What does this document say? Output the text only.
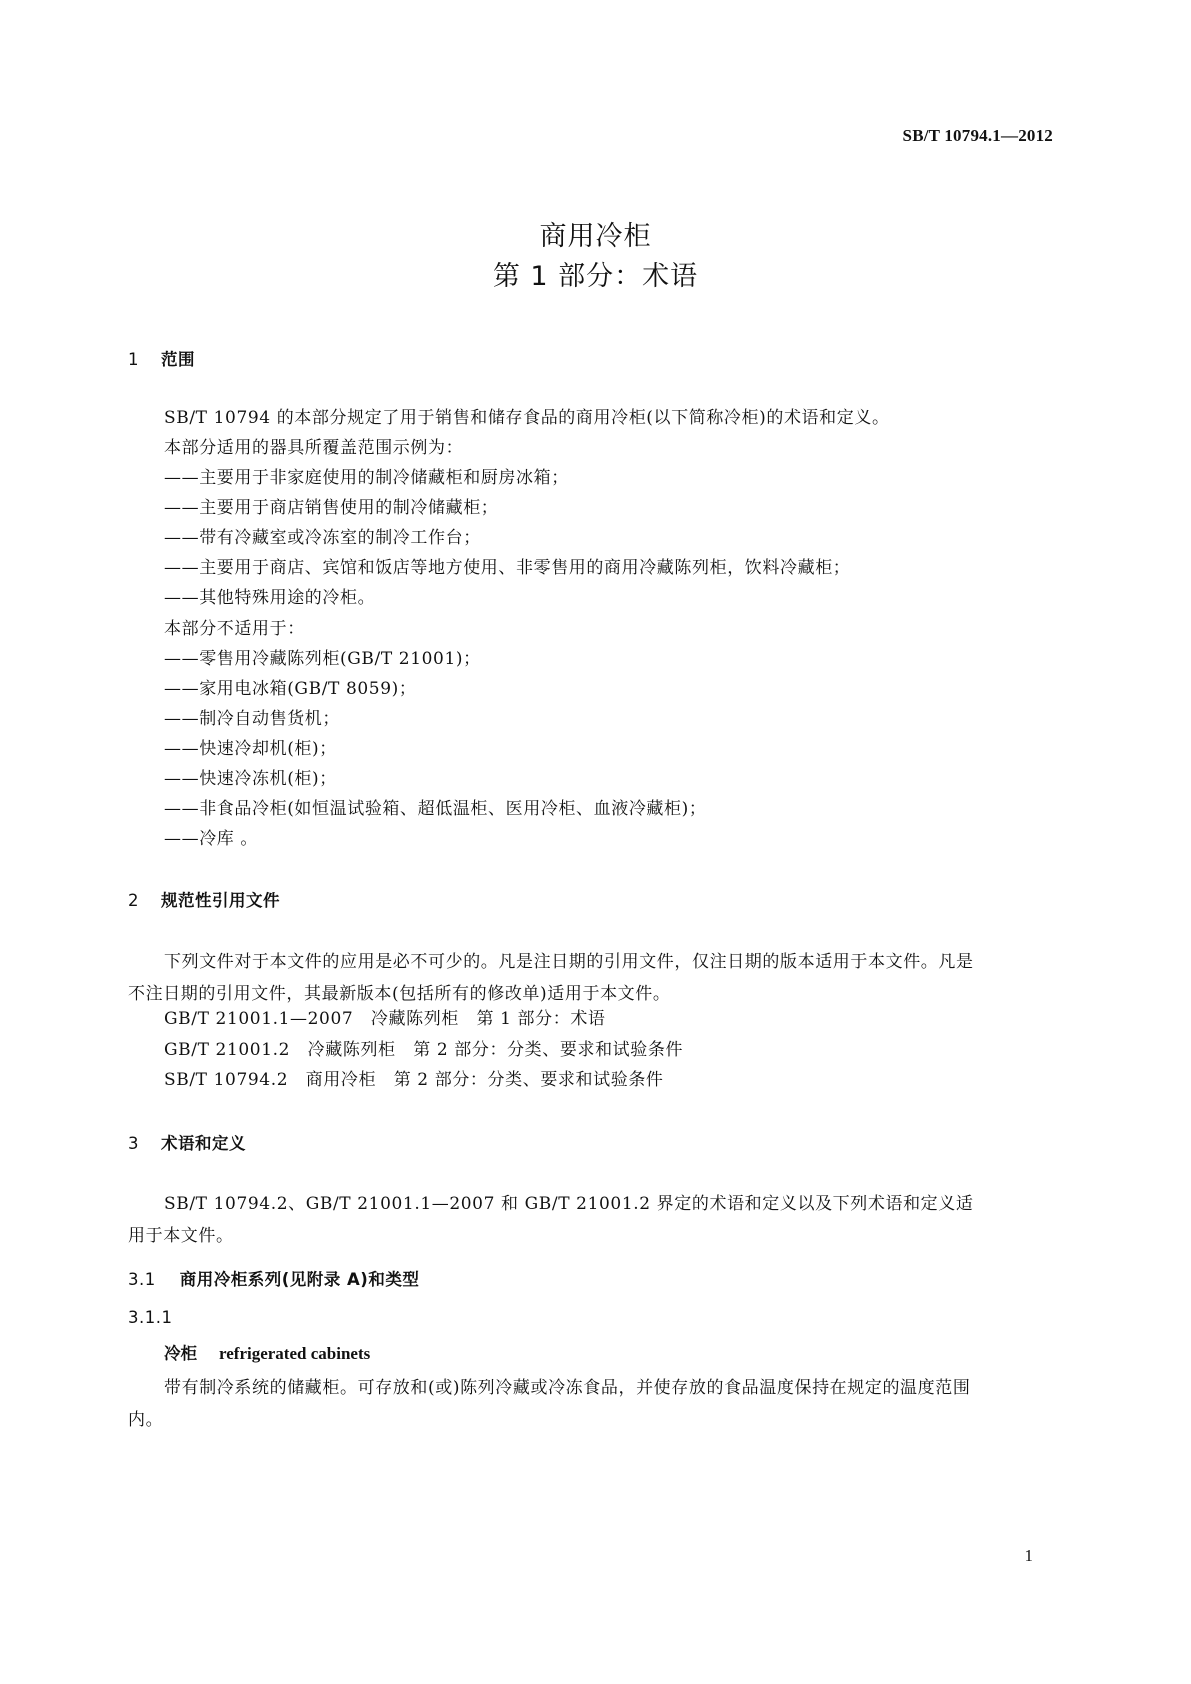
SB/T 10794.1—2012
商用冷柜
第 1 部分：术语
1 范围
SB/T 10794 的本部分规定了用于销售和储存食品的商用冷柜(以下简称冷柜)的术语和定义。
本部分适用的器具所覆盖范围示例为：
——主要用于非家庭使用的制冷储藏柜和厨房冰箱；
——主要用于商店销售使用的制冷储藏柜；
——带有冷藏室或冷冻室的制冷工作台；
——主要用于商店、宾馆和饭店等地方使用、非零售用的商用冷藏陈列柜，饮料冷藏柜；
——其他特殊用途的冷柜。
本部分不适用于：
——零售用冷藏陈列柜(GB/T 21001)；
——家用电冰箱(GB/T 8059)；
——制冷自动售货机；
——快速冷却机(柜)；
——快速冷冻机(柜)；
——非食品冷柜(如恒温试验箱、超低温柜、医用冷柜、血液冷藏柜)；
——冷库 。
2 规范性引用文件
下列文件对于本文件的应用是必不可少的。凡是注日期的引用文件，仅注日期的版本适用于本文件。凡是不注日期的引用文件，其最新版本(包括所有的修改单)适用于本文件。
GB/T 21001.1—2007　冷藏陈列柜　第 1 部分：术语
GB/T 21001.2　冷藏陈列柜　第 2 部分：分类、要求和试验条件
SB/T 10794.2　商用冷柜　第 2 部分：分类、要求和试验条件
3 术语和定义
SB/T 10794.2、GB/T 21001.1—2007 和 GB/T 21001.2 界定的术语和定义以及下列术语和定义适用于本文件。
3.1 商用冷柜系列(见附录 A)和类型
3.1.1
冷柜 refrigerated cabinets
带有制冷系统的储藏柜。可存放和(或)陈列冷藏或冷冻食品，并使存放的食品温度保持在规定的温度范围内。
1
